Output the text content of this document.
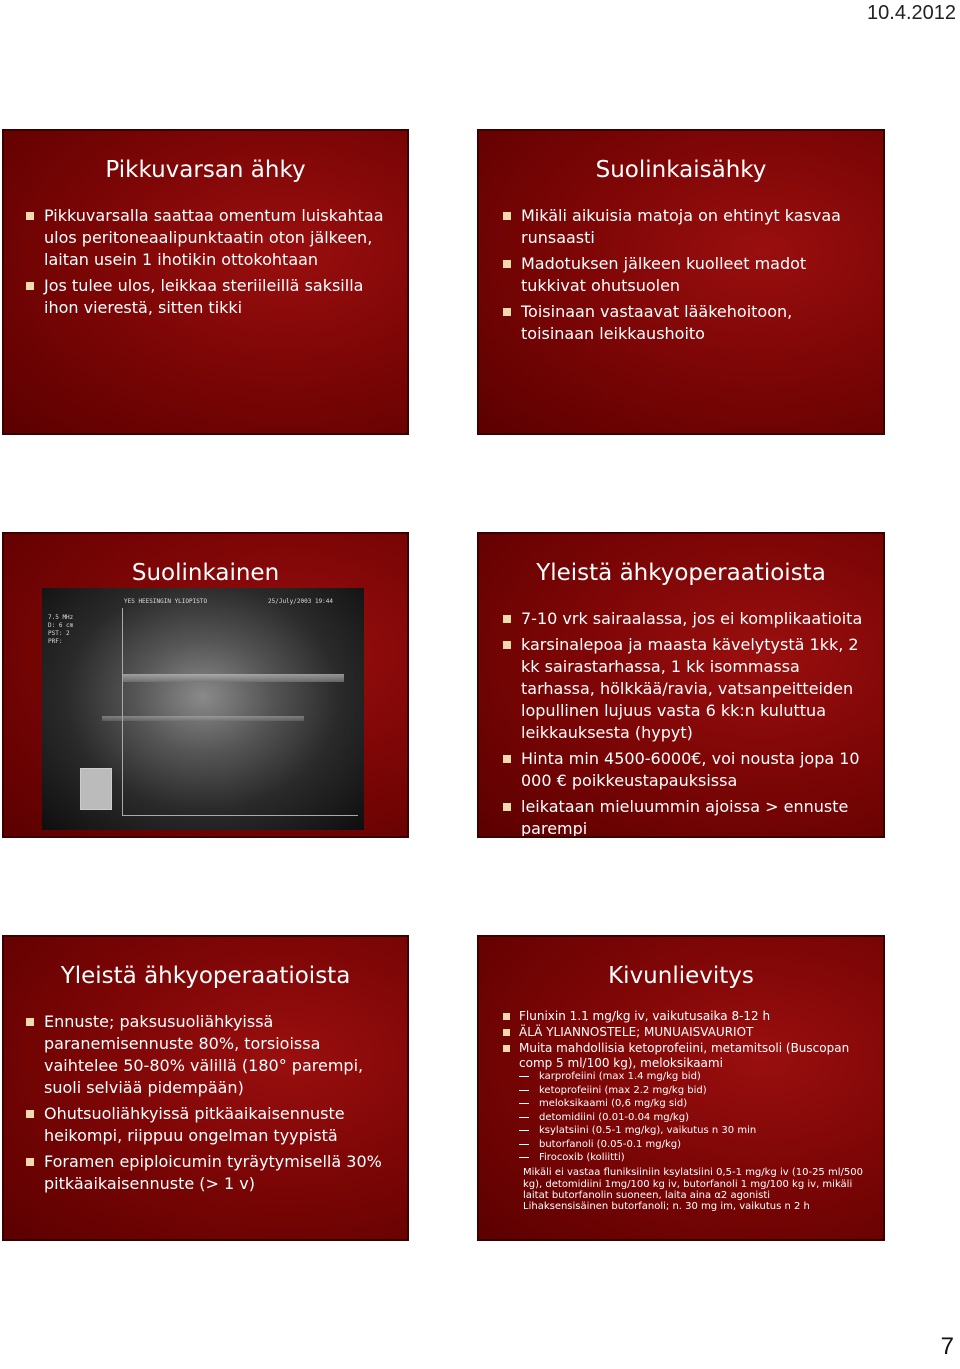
10.4.2012
Pikkuvarsan ähky
Pikkuvarsalla saattaa omentum luiskahtaa ulos peritoneaalipunktaatin oton jälkeen, laitan usein 1 ihotikin ottokohtaan
Jos tulee ulos, leikkaa steriileillä saksilla ihon vierestä, sitten tikki
Suolinkaisähky
Mikäli aikuisia matoja on ehtinyt kasvaa runsaasti
Madotuksen jälkeen kuolleet madot tukkivat ohutsuolen
Toisinaan vastaavat lääkehoitoon, toisinaan leikkaushoito
Suolinkainen
YES HEESINGIN YLIOPISTO	25/July/2003 19:44
7.5 MHz
D: 6 cm
PST: 2
PRF:
Yleistä ähkyoperaatioista
7-10 vrk sairaalassa, jos ei komplikaatioita
karsinalepoa ja maasta kävelytystä 1kk, 2 kk sairastarhassa, 1 kk isommassa tarhassa, hölkkää/ravia, vatsanpeitteiden lopullinen lujuus vasta 6 kk:n kuluttua leikkauksesta (hypyt)
Hinta min 4500-6000€, voi nousta jopa 10 000 € poikkeustapauksissa
leikataan mieluummin ajoissa > ennuste parempi
Yleistä ähkyoperaatioista
Ennuste; paksusuoliähkyissä paranemisennuste 80%, torsioissa vaihtelee 50-80% välillä (180° parempi, suoli selviää pidempään)
Ohutsuoliähkyissä pitkäaikaisennuste heikompi, riippuu ongelman tyypistä
Foramen epiploicumin tyräytymisellä 30% pitkäaikaisennuste (> 1 v)
Kivunlievitys
Flunixin 1.1 mg/kg iv, vaikutusaika 8-12 h
ÄLÄ YLIANNOSTELE; MUNUAISVAURIOT
Muita mahdollisia ketoprofeiini, metamitsoli (Buscopan comp 5 ml/100 kg), meloksikaami
karprofeiini (max 1.4 mg/kg bid)
ketoprofeiini (max 2.2 mg/kg bid)
meloksikaami (0,6 mg/kg sid)
detomidiini (0.01-0.04 mg/kg)
ksylatsiini (0.5-1 mg/kg), vaikutus n 30 min
butorfanoli (0.05-0.1 mg/kg)
Firocoxib (koliitti)
Mikäli ei vastaa fluniksiiniin ksylatsiini 0,5-1 mg/kg iv (10-25 ml/500 kg), detomidiini 1mg/100 kg iv, butorfanoli 1 mg/100 kg iv, mikäli laitat butorfanolin suoneen, laita aina α2 agonisti
Lihaksensisäinen butorfanoli; n. 30 mg im, vaikutus n 2 h
7
